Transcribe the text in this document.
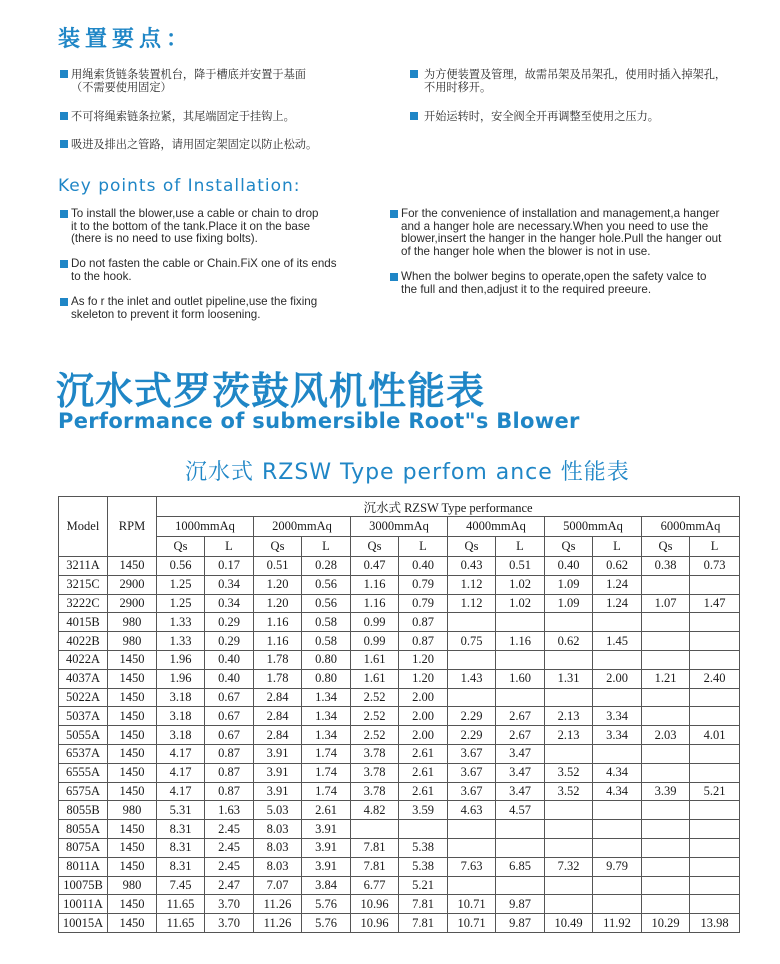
装置要点：
用绳索货链条装置机台，降于槽底并安置于基面
（不需要使用固定）
不可将绳索链条拉紧，其尾端固定于挂钩上。
吸进及排出之管路，请用固定架固定以防止松动。
为方便装置及管理，故需吊架及吊架孔，使用时插入掉架孔，
不用时移开。
开始运转时，安全阀全开再调整至使用之压力。
Key points of Installation:
To install the blower,use a cable or chain to drop
it to the bottom of the tank.Place it on the base
(there is no need to use fixing bolts).
Do not fasten the cable or Chain.FiX one of its ends
to the hook.
As fo r the inlet and outlet pipeline,use the fixing
skeleton to prevent it form loosening.
For the convenience of installation and management,a hanger
and a hanger hole are necessary.When you need to use the
blower,insert the hanger in the hanger hole.Pull the hanger out
of the hanger hole when the blower is not in use.
When the bolwer begins to operate,open the safety valce to
the full and then,adjust it to the required preeure.
沉水式罗茨鼓风机性能表
Performance of submersible Root"s Blower
沉水式 RZSW Type perfom ance 性能表
Model	RPM	沉水式 RZSW Type performance											
		1000mmAq		2000mmAq		3000mmAq		4000mmAq		5000mmAq		6000mmAq	
		Qs	L	Qs	L	Qs	L	Qs	L	Qs	L	Qs	L
3211A	1450	0.56	0.17	0.51	0.28	0.47	0.40	0.43	0.51	0.40	0.62	0.38	0.73
3215C	2900	1.25	0.34	1.20	0.56	1.16	0.79	1.12	1.02	1.09	1.24		
3222C	2900	1.25	0.34	1.20	0.56	1.16	0.79	1.12	1.02	1.09	1.24	1.07	1.47
4015B	980	1.33	0.29	1.16	0.58	0.99	0.87						
4022B	980	1.33	0.29	1.16	0.58	0.99	0.87	0.75	1.16	0.62	1.45		
4022A	1450	1.96	0.40	1.78	0.80	1.61	1.20						
4037A	1450	1.96	0.40	1.78	0.80	1.61	1.20	1.43	1.60	1.31	2.00	1.21	2.40
5022A	1450	3.18	0.67	2.84	1.34	2.52	2.00						
5037A	1450	3.18	0.67	2.84	1.34	2.52	2.00	2.29	2.67	2.13	3.34		
5055A	1450	3.18	0.67	2.84	1.34	2.52	2.00	2.29	2.67	2.13	3.34	2.03	4.01
6537A	1450	4.17	0.87	3.91	1.74	3.78	2.61	3.67	3.47				
6555A	1450	4.17	0.87	3.91	1.74	3.78	2.61	3.67	3.47	3.52	4.34		
6575A	1450	4.17	0.87	3.91	1.74	3.78	2.61	3.67	3.47	3.52	4.34	3.39	5.21
8055B	980	5.31	1.63	5.03	2.61	4.82	3.59	4.63	4.57				
8055A	1450	8.31	2.45	8.03	3.91								
8075A	1450	8.31	2.45	8.03	3.91	7.81	5.38						
8011A	1450	8.31	2.45	8.03	3.91	7.81	5.38	7.63	6.85	7.32	9.79		
10075B	980	7.45	2.47	7.07	3.84	6.77	5.21						
10011A	1450	11.65	3.70	11.26	5.76	10.96	7.81	10.71	9.87				
10015A	1450	11.65	3.70	11.26	5.76	10.96	7.81	10.71	9.87	10.49	11.92	10.29	13.98
